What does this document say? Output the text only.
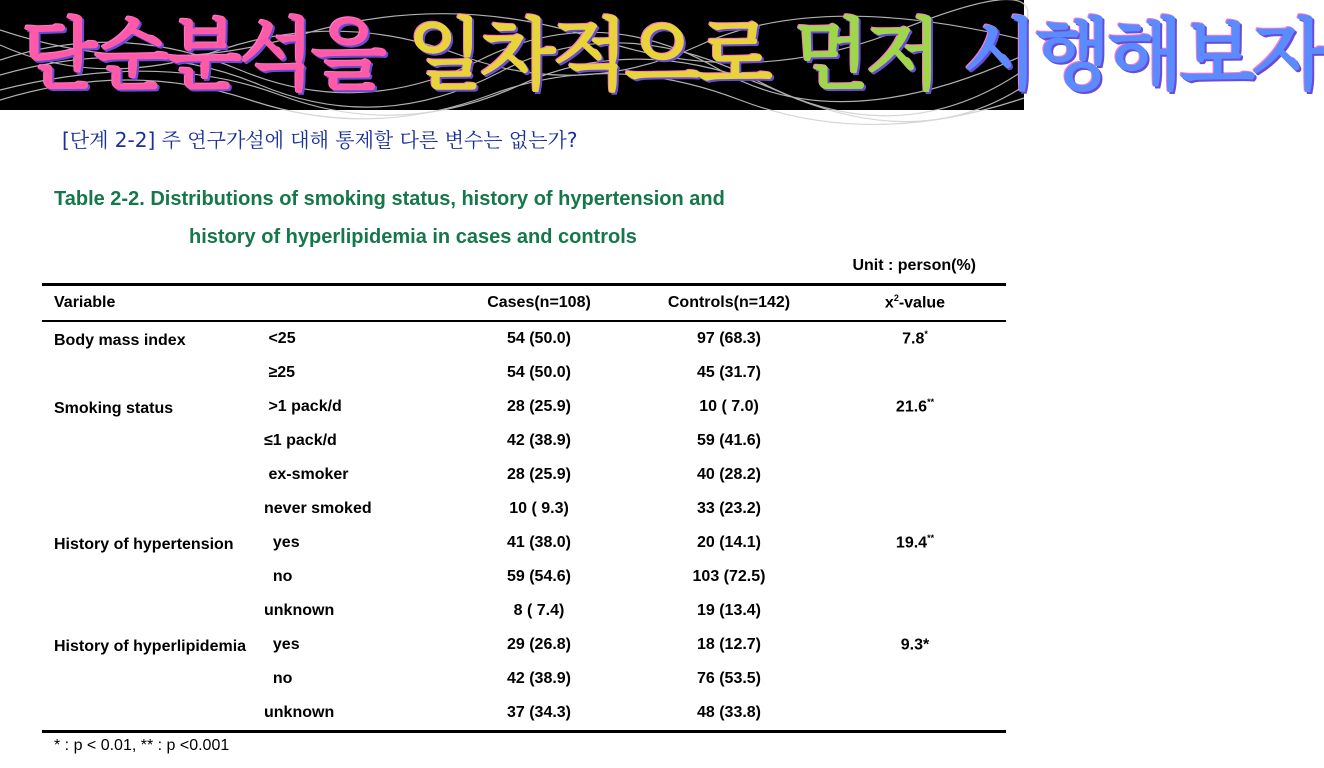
단순분석을 일차적으로 먼저 시행해보자
[단계 2-2] 주 연구가설에 대해 통제할 다른 변수는 없는가?
Table 2-2. Distributions of smoking status, history of hypertension and
history of hyperlipidemia in cases and controls
Unit : person(%)
Variable		Cases(n=108)	Controls(n=142)	$x^2$-value
Body mass index	<25	54 (50.0)	97 (68.3)	7.8*
	≥25	54 (50.0)	45 (31.7)	
Smoking status	>1 pack/d	28 (25.9)	10 ( 7.0)	21.6**
	≤1 pack/d	42 (38.9)	59 (41.6)	
	ex-smoker	28 (25.9)	40 (28.2)	
	never smoked	10 ( 9.3)	33 (23.2)	
History of hypertension	yes	41 (38.0)	20 (14.1)	19.4**
	no	59 (54.6)	103 (72.5)	
	unknown	8 ( 7.4)	19 (13.4)	
History of hyperlipidemia	yes	29 (26.8)	18 (12.7)	9.3*
	no	42 (38.9)	76 (53.5)	
	unknown	37 (34.3)	48 (33.8)	
* : p < 0.01, ** : p <0.001
